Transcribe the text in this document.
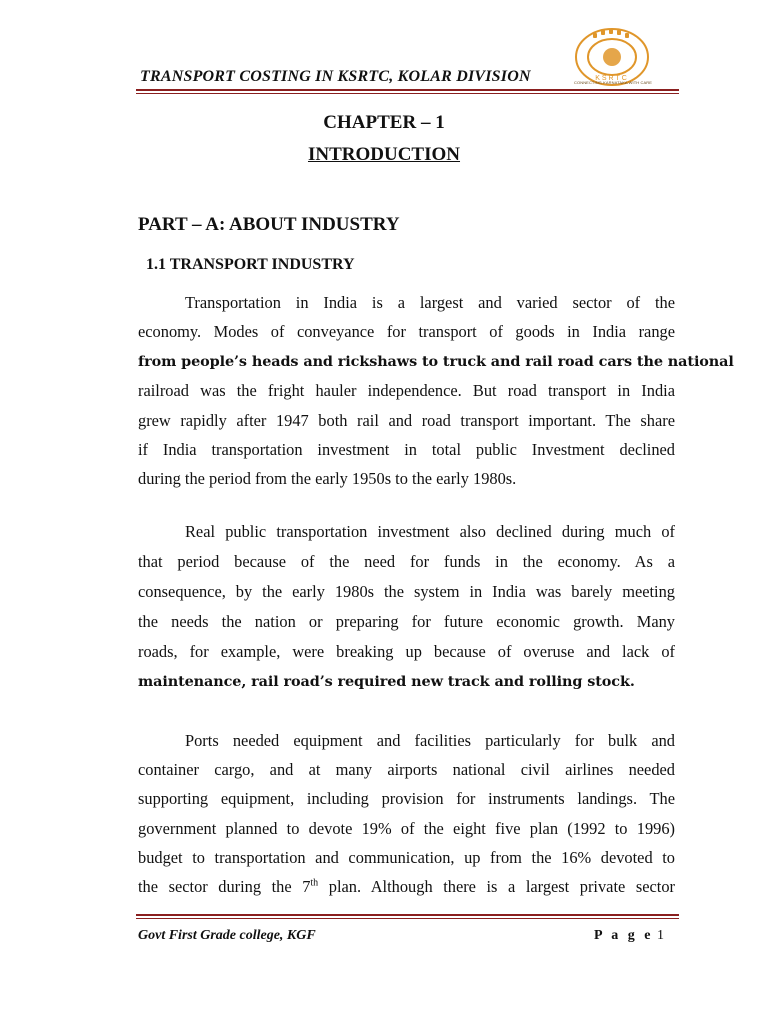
TRANSPORT COSTING IN KSRTC, KOLAR DIVISION	KSRTC
CONNECTING KARNATAKA WITH CARE
CHAPTER – 1
INTRODUCTION
PART – A: ABOUT INDUSTRY
1.1 TRANSPORT INDUSTRY
Transportation in India is a largest and varied sector of the
economy. Modes of conveyance for transport of goods in India range
from people’s heads and rickshaws to truck and rail road cars the national
railroad was the fright hauler independence. But road transport in India
grew rapidly after 1947 both rail and road transport important. The share
if India transportation investment in total public Investment declined
during the period from the early 1950s to the early 1980s.
Real public transportation investment also declined during much of
that period because of the need for funds in the economy. As a
consequence, by the early 1980s the system in India was barely meeting
the needs the nation or preparing for future economic growth. Many
roads, for example, were breaking up because of overuse and lack of
maintenance, rail road’s required new track and rolling stock.
Ports needed equipment and facilities particularly for bulk and
container cargo, and at many airports national civil airlines needed
supporting equipment, including provision for instruments landings. The
government planned to devote 19% of the eight five plan (1992 to 1996)
budget to transportation and communication, up from the 16% devoted to
the sector during the 7th plan. Although there is a largest private sector
Govt First Grade college, KGF	P a g e 1
